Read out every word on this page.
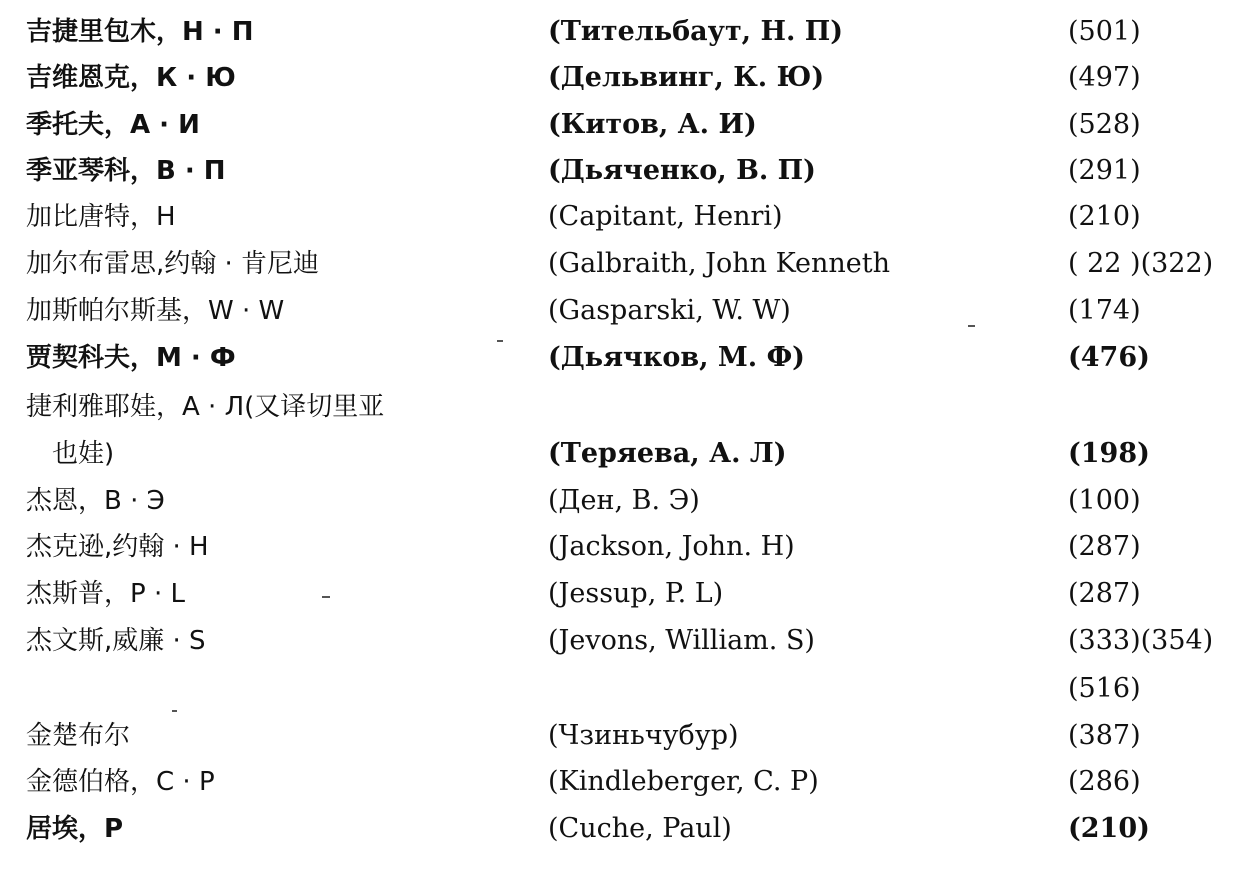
吉捷里包木，Н · П	(Тительбаут, Н. П)	(501)
吉维恩克，К · Ю	(Дельвинг, К. Ю)	(497)
季托夫，А · И	(Китов, А. И)	(528)
季亚琴科，В · П	(Дьяченко, В. П)	(291)
加比唐特，H	(Capitant, Henri)	(210)
加尔布雷思,约翰 · 肯尼迪	(Galbraith, John Kenneth	( 22 )(322)
加斯帕尔斯基，W · W	(Gasparski, W. W)	(174)
贾契科夫，М · Ф	(Дьячков, М. Ф)	(476)
捷利雅耶娃，А · Л(又译切里亚
　也娃)	(Теряева, А. Л)	(198)
杰恩，В · Э	(Ден, В. Э)	(100)
杰克逊,约翰 · H	(Jackson, John. H)	(287)
杰斯普，P · L	(Jessup, P. L)	(287)
杰文斯,威廉 · S	(Jevons, William. S)	(333)(354)
(516)
金楚布尔	(Чзиньчубур)	(387)
金德伯格，C · P	(Kindleberger, C. P)	(286)
居埃，P	(Cuche, Paul)	(210)
